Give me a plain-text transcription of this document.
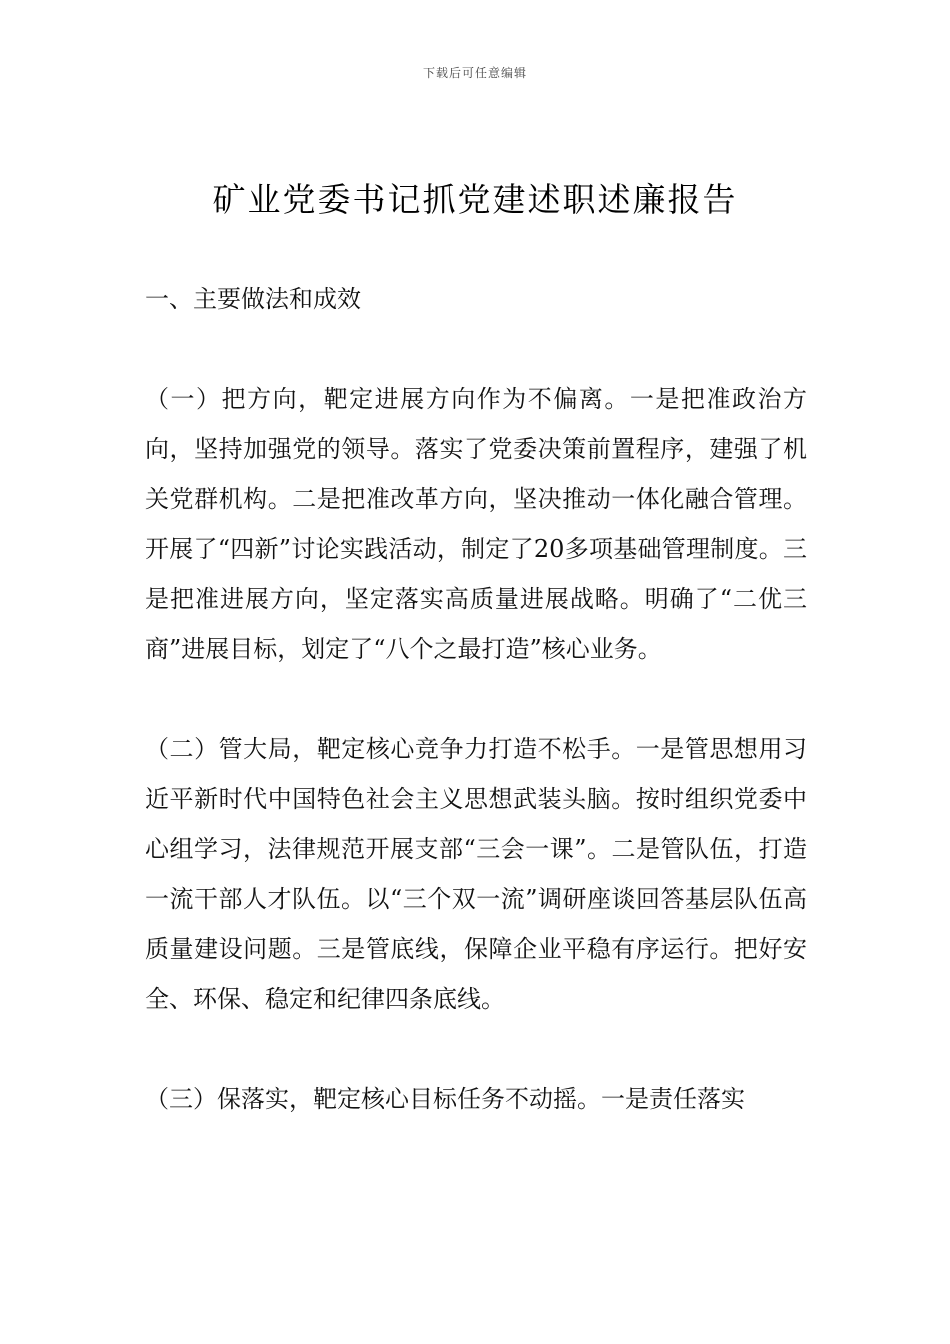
下载后可任意编辑
矿业党委书记抓党建述职述廉报告
一、主要做法和成效

（一）把方向，靶定进展方向作为不偏离。一是把准政治方向，坚持加强党的领导。落实了党委决策前置程序，建强了机关党群机构。二是把准改革方向，坚决推动一体化融合管理。开展了“四新”讨论实践活动，制定了20多项基础管理制度。三是把准进展方向，坚定落实高质量进展战略。明确了“二优三商”进展目标，划定了“八个之最打造”核心业务。

（二）管大局，靶定核心竞争力打造不松手。一是管思想用习近平新时代中国特色社会主义思想武装头脑。按时组织党委中心组学习，法律规范开展支部“三会一课”。二是管队伍，打造一流干部人才队伍。以“三个双一流”调研座谈回答基层队伍高质量建设问题。三是管底线，保障企业平稳有序运行。把好安全、环保、稳定和纪律四条底线。

（三）保落实，靶定核心目标任务不动摇。一是责任落实
